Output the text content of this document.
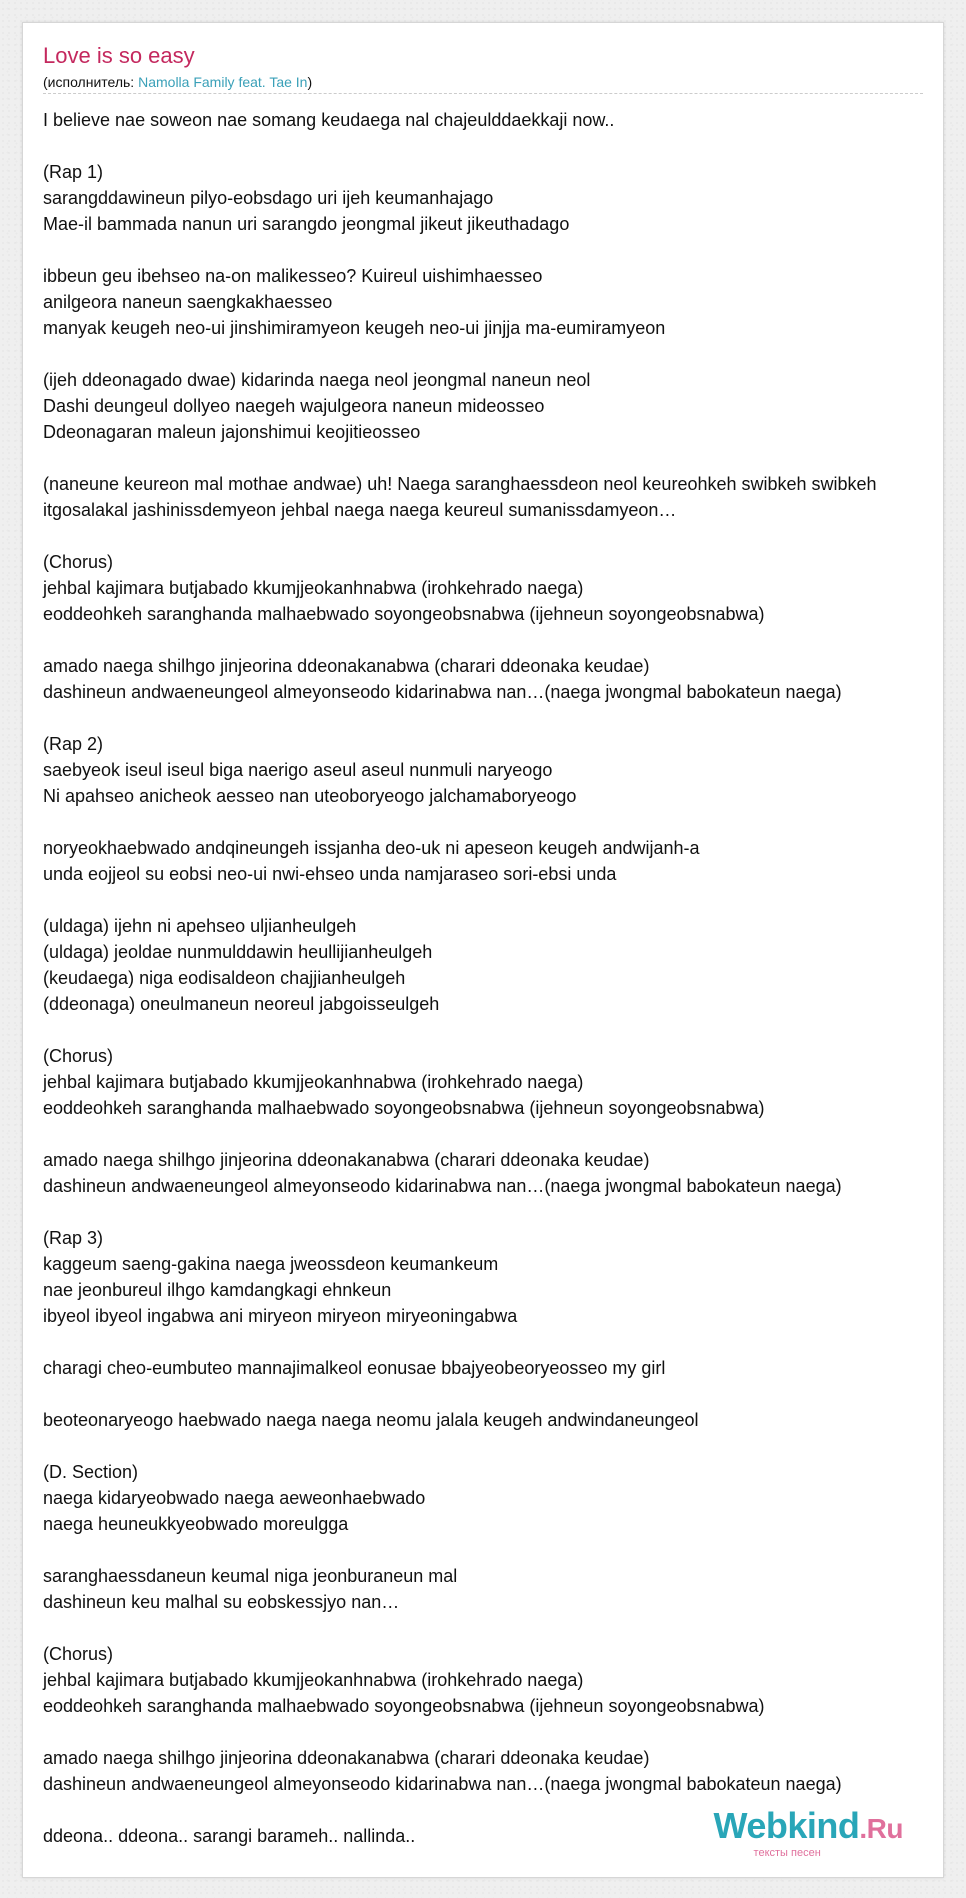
Love is so easy
(исполнитель: Namolla Family feat. Tae In)
I believe nae soweon nae somang keudaega nal chajeulddaekkaji now..
(Rap 1)
sarangddawineun pilyo-eobsdago uri ijeh keumanhajago
Mae-il bammada nanun uri sarangdo jeongmal jikeut jikeuthadago
ibbeun geu ibehseo na-on malikesseo? Kuireul uishimhaesseo
anilgeora naneun saengkakhaesseo
manyak keugeh neo-ui jinshimiramyeon keugeh neo-ui jinjja ma-eumiramyeon
(ijeh ddeonagado dwae) kidarinda naega neol jeongmal naneun neol
Dashi deungeul dollyeo naegeh wajulgeora naneun mideosseo
Ddeonagaran maleun jajonshimui keojitieosseo
(naneune keureon mal mothae andwae) uh! Naega saranghaessdeon neol keureohkeh swibkeh swibkeh
itgosalakal jashinissdemyeon jehbal naega naega keureul sumanissdamyeon…
(Chorus)
jehbal kajimara butjabado kkumjjeokanhnabwa (irohkehrado naega)
eoddeohkeh saranghanda malhaebwado soyongeobsnabwa (ijehneun soyongeobsnabwa)
amado naega shilhgo jinjeorina ddeonakanabwa (charari ddeonaka keudae)
dashineun andwaeneungeol almeyonseodo kidarinabwa nan…(naega jwongmal babokateun naega)
(Rap 2)
saebyeok iseul iseul biga naerigo aseul aseul nunmuli naryeogo
Ni apahseo anicheok aesseo nan uteoboryeogo jalchamaboryeogo
noryeokhaebwado andqineungeh issjanha deo-uk ni apeseon keugeh andwijanh-a
unda eojjeol su eobsi neo-ui nwi-ehseo unda namjaraseo sori-ebsi unda
(uldaga) ijehn ni apehseo uljianheulgeh
(uldaga) jeoldae nunmulddawin heullijianheulgeh
(keudaega) niga eodisaldeon chajjianheulgeh
(ddeonaga) oneulmaneun neoreul jabgoisseulgeh
(Chorus)
jehbal kajimara butjabado kkumjjeokanhnabwa (irohkehrado naega)
eoddeohkeh saranghanda malhaebwado soyongeobsnabwa (ijehneun soyongeobsnabwa)
amado naega shilhgo jinjeorina ddeonakanabwa (charari ddeonaka keudae)
dashineun andwaeneungeol almeyonseodo kidarinabwa nan…(naega jwongmal babokateun naega)
(Rap 3)
kaggeum saeng-gakina naega jweossdeon keumankeum
nae jeonbureul ilhgo kamdangkagi ehnkeun
ibyeol ibyeol ingabwa ani miryeon miryeon miryeoningabwa
charagi cheo-eumbuteo mannajimalkeol eonusae bbajyeobeoryeosseo my girl
beoteonaryeogo haebwado naega naega neomu jalala keugeh andwindaneungeol
(D. Section)
naega kidaryeobwado naega aeweonhaebwado
naega heuneukkyeobwado moreulgga
saranghaessdaneun keumal niga jeonburaneun mal
dashineun keu malhal su eobskessjyo nan…
(Chorus)
jehbal kajimara butjabado kkumjjeokanhnabwa (irohkehrado naega)
eoddeohkeh saranghanda malhaebwado soyongeobsnabwa (ijehneun soyongeobsnabwa)
amado naega shilhgo jinjeorina ddeonakanabwa (charari ddeonaka keudae)
dashineun andwaeneungeol almeyonseodo kidarinabwa nan…(naega jwongmal babokateun naega)
ddeona.. ddeona.. sarangi barameh.. nallinda..	Webkind.Ru
тексты песен
